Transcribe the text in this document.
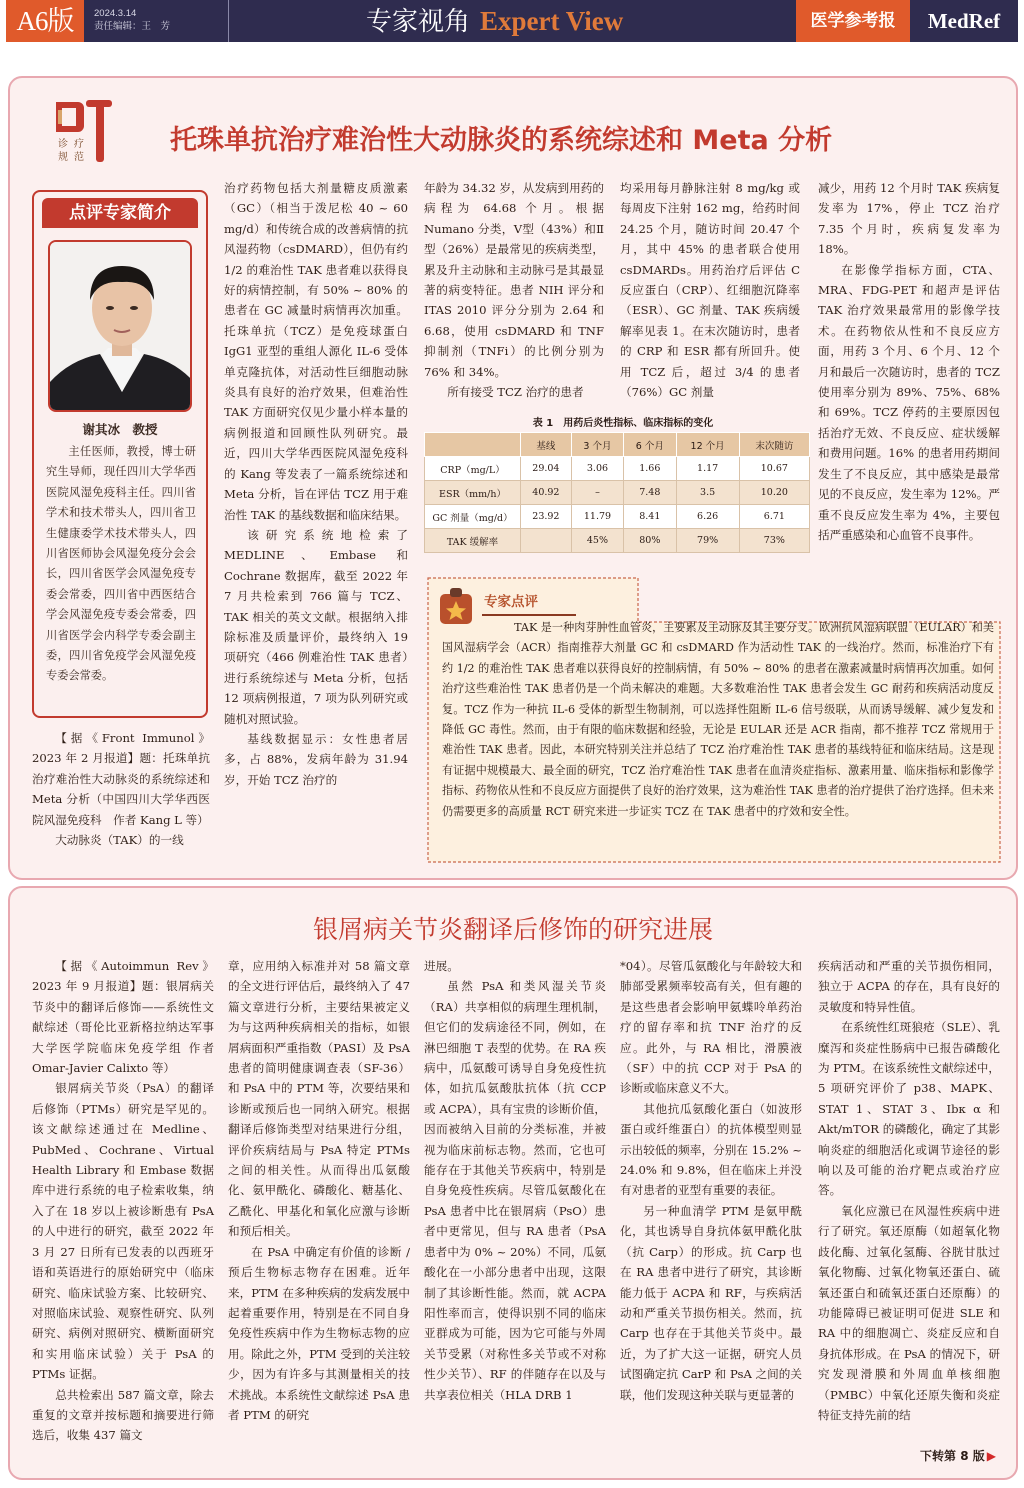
A6版	2024.3.14
责任编辑：王　芳	专家视角 Expert View	医学参考报	MedRef
诊 疗
规 范
托珠单抗治疗难治性大动脉炎的系统综述和 Meta 分析
点评专家简介
谢其冰　教授
主任医师，教授，博士研究生导师，现任四川大学华西医院风湿免疫科主任。四川省学术和技术带头人，四川省卫生健康委学术技术带头人，四川省医师协会风湿免疫分会会长，四川省医学会风湿免疫专委会常委，四川省中西医结合学会风湿免疫专委会常委，四川省医学会内科学专委会副主委，四川省免疫学会风湿免疫专委会常委。

【据《Front Immunol》2023 年 2 月报道】题：托珠单抗治疗难治性大动脉炎的系统综述和 Meta 分析（中国四川大学华西医院风湿免疫科　作者 Kang L 等）

大动脉炎（TAK）的一线

治疗药物包括大剂量糖皮质激素（GC）（相当于泼尼松 40 ~ 60 mg/d）和传统合成的改善病情的抗风湿药物（csDMARD），但仍有约 1/2 的难治性 TAK 患者难以获得良好的病情控制，有 50% ~ 80% 的患者在 GC 减量时病情再次加重。托珠单抗（TCZ）是免疫球蛋白 IgG1 亚型的重组人源化 IL-6 受体单克隆抗体，对活动性巨细胞动脉炎具有良好的治疗效果，但难治性 TAK 方面研究仅见少量小样本量的病例报道和回顾性队列研究。最近，四川大学华西医院风湿免疫科的 Kang 等发表了一篇系统综述和 Meta 分析，旨在评估 TCZ 用于难治性 TAK 的基线数据和临床结果。

该研究系统地检索了 MEDLINE、Embase 和 Cochrane 数据库，截至 2022 年 7 月共检索到 766 篇与 TCZ、TAK 相关的英文文献。根据纳入排除标准及质量评价，最终纳入 19 项研究（466 例难治性 TAK 患者）进行系统综述与 Meta 分析，包括 12 项病例报道，7 项为队列研究或随机对照试验。

基线数据显示：女性患者居多，占 88%，发病年龄为 31.94 岁，开始 TCZ 治疗的

年龄为 34.32 岁，从发病到用药的病程为 64.68 个月。根据 Numano 分类，Ⅴ型（43%）和Ⅱ型（26%）是最常见的疾病类型，累及升主动脉和主动脉弓是其最显著的病变特征。患者 NIH 评分和 ITAS 2010 评分分别为 2.64 和 6.68，使用 csDMARD 和 TNF 抑制剂（TNFi）的比例分别为 76% 和 34%。

所有接受 TCZ 治疗的患者

均采用每月静脉注射 8 mg/kg 或每周皮下注射 162 mg，给药时间 24.25 个月，随访时间 20.47 个月，其中 45% 的患者联合使用 csDMARDs。用药治疗后评估 C 反应蛋白（CRP）、红细胞沉降率（ESR）、GC 剂量、TAK 疾病缓解率见表 1。在末次随访时，患者的 CRP 和 ESR 都有所回升。使用 TCZ 后，超过 3/4 的患者（76%）GC 剂量

减少，用药 12 个月时 TAK 疾病复发率为 17%，停止 TCZ 治疗 7.35 个月时，疾病复发率为 18%。

在影像学指标方面，CTA、MRA、FDG-PET 和超声是评估 TAK 治疗效果最常用的影像学技术。在药物依从性和不良反应方面，用药 3 个月、6 个月、12 个月和最后一次随访时，患者的 TCZ 使用率分别为 89%、75%、68% 和 69%。TCZ 停药的主要原因包括治疗无效、不良反应、症状缓解和费用问题。16% 的患者用药期间发生了不良反应，其中感染是最常见的不良反应，发生率为 12%。严重不良反应发生率为 4%，主要包括严重感染和心血管不良事件。

表 1　用药后炎性指标、临床指标的变化
	基线	3 个月	6 个月	12 个月	末次随访
CRP（mg/L）	29.04	3.06	1.66	1.17	10.67
ESR（mm/h）	40.92	–	7.48	3.5	10.20
GC 剂量（mg/d）	23.92	11.79	8.41	6.26	6.71
TAK 缓解率		45%	80%	79%	73%
专家点评

TAK 是一种肉芽肿性血管炎，主要累及主动脉及其主要分支。欧洲抗风湿病联盟（EULAR）和美国风湿病学会（ACR）指南推荐大剂量 GC 和 csDMARD 作为活动性 TAK 的一线治疗。然而，标准治疗下有约 1/2 的难治性 TAK 患者难以获得良好的控制病情，有 50% ~ 80% 的患者在激素减量时病情再次加重。如何治疗这些难治性 TAK 患者仍是一个尚未解决的难题。大多数难治性 TAK 患者会发生 GC 耐药和疾病活动度反复。TCZ 作为一种抗 IL-6 受体的新型生物制剂，可以选择性阻断 IL-6 信号级联，从而诱导缓解、减少复发和降低 GC 毒性。然而，由于有限的临床数据和经验，无论是 EULAR 还是 ACR 指南，都不推荐 TCZ 常规用于难治性 TAK 患者。因此，本研究特别关注并总结了 TCZ 治疗难治性 TAK 患者的基线特征和临床结局。这是现有证据中规模最大、最全面的研究，TCZ 治疗难治性 TAK 患者在血清炎症指标、激素用量、临床指标和影像学指标、药物依从性和不良反应方面提供了良好的治疗效果，这为难治性 TAK 患者的治疗提供了治疗选择。但未来仍需要更多的高质量 RCT 研究来进一步证实 TCZ 在 TAK 患者中的疗效和安全性。

银屑病关节炎翻译后修饰的研究进展

【据《Autoimmun Rev》2023 年 9 月报道】题：银屑病关节炎中的翻译后修饰——系统性文献综述（哥伦比亚新格拉纳达军事大学医学院临床免疫学组 作者 Omar-Javier Calixto 等）

银屑病关节炎（PsA）的翻译后修饰（PTMs）研究是罕见的。该文献综述通过在 Medline、PubMed、Cochrane、Virtual Health Library 和 Embase 数据库中进行系统的电子检索收集，纳入了在 18 岁以上被诊断患有 PsA 的人中进行的研究，截至 2022 年 3 月 27 日所有已发表的以西班牙语和英语进行的原始研究中（临床研究、临床试验方案、比较研究、对照临床试验、观察性研究、队列研究、病例对照研究、横断面研究和实用临床试验）关于 PsA 的 PTMs 证据。

总共检索出 587 篇文章，除去重复的文章并按标题和摘要进行筛选后，收集 437 篇文

章，应用纳入标准并对 58 篇文章的全文进行评估后，最终纳入了 47 篇文章进行分析，主要结果被定义为与这两种疾病相关的指标，如银屑病面积严重指数（PASI）及 PsA 患者的简明健康调查表（SF-36）和 PsA 中的 PTM 等，次要结果和诊断或预后也一同纳入研究。根据翻译后修饰类型对结果进行分组，评价疾病结局与 PsA 特定 PTMs 之间的相关性。从而得出瓜氨酸化、氨甲酰化、磷酸化、糖基化、乙酰化、甲基化和氧化应激与诊断和预后相关。

在 PsA 中确定有价值的诊断 / 预后生物标志物存在困难。近年来，PTM 在多种疾病的发病发展中起着重要作用，特别是在不同自身免疫性疾病中作为生物标志物的应用。除此之外，PTM 受到的关注较少，因为有许多与其测量相关的技术挑战。本系统性文献综述 PsA 患者 PTM 的研究

进展。

虽然 PsA 和类风湿关节炎（RA）共享相似的病理生理机制，但它们的发病途径不同，例如，在淋巴细胞 T 表型的优势。在 RA 疾病中，瓜氨酸可诱导自身免疫性抗体，如抗瓜氨酸肽抗体（抗 CCP 或 ACPA），具有宝贵的诊断价值，因而被纳入目前的分类标准，并被视为临床前标志物。然而，它也可能存在于其他关节疾病中，特别是自身免疫性疾病。尽管瓜氨酸化在 PsA 患者中比在银屑病（PsO）患者中更常见，但与 RA 患者（PsA 患者中为 0% ~ 20%）不同，瓜氨酸化在一小部分患者中出现，这限制了其诊断性能。然而，就 ACPA 阳性率而言，使得识别不同的临床亚群成为可能，因为它可能与外周关节受累（对称性多关节或不对称性少关节）、RF 的伴随存在以及与共享表位相关（HLA DRB 1

*04）。尽管瓜氨酸化与年龄较大和肺部受累频率较高有关，但有趣的是这些患者会影响甲氨蝶呤单药治疗的留存率和抗 TNF 治疗的反应。此外，与 RA 相比，滑膜液（SF）中的抗 CCP 对于 PsA 的诊断或临床意义不大。

其他抗瓜氨酸化蛋白（如波形蛋白或纤维蛋白）的抗体模型则显示出较低的频率，分别在 15.2% ~ 24.0% 和 9.8%，但在临床上并没有对患者的亚型有重要的表征。

另一种血清学 PTM 是氨甲酰化，其也诱导自身抗体氨甲酰化肽（抗 Carp）的形成。抗 Carp 也在 RA 患者中进行了研究，其诊断能力低于 ACPA 和 RF，与疾病活动和严重关节损伤相关。然而，抗 Carp 也存在于其他关节炎中。最近，为了扩大这一证据，研究人员试图确定抗 CarP 和 PsA 之间的关联，他们发现这种关联与更显著的

疾病活动和严重的关节损伤相同，独立于 ACPA 的存在，具有良好的灵敏度和特异性值。

在系统性红斑狼疮（SLE）、乳糜泻和炎症性肠病中已报告磷酸化为 PTM。在该系统性文献综述中，5 项研究评价了 p38、MAPK、STAT 1、STAT 3、Ibκ α 和 Akt/mTOR 的磷酸化，确定了其影响炎症的细胞活化或调节途径的影响以及可能的治疗靶点或治疗应答。

氧化应激已在风湿性疾病中进行了研究。氧还原酶（如超氧化物歧化酶、过氧化氢酶、谷胱甘肽过氧化物酶、过氧化物氧还蛋白、硫氧还蛋白和硫氧还蛋白还原酶）的功能障碍已被证明可促进 SLE 和 RA 中的细胞凋亡、炎症反应和自身抗体形成。在 PsA 的情况下，研究发现滑膜和外周血单核细胞（PMBC）中氧化还原失衡和炎症特征支持先前的结

下转第 8 版 ▶
